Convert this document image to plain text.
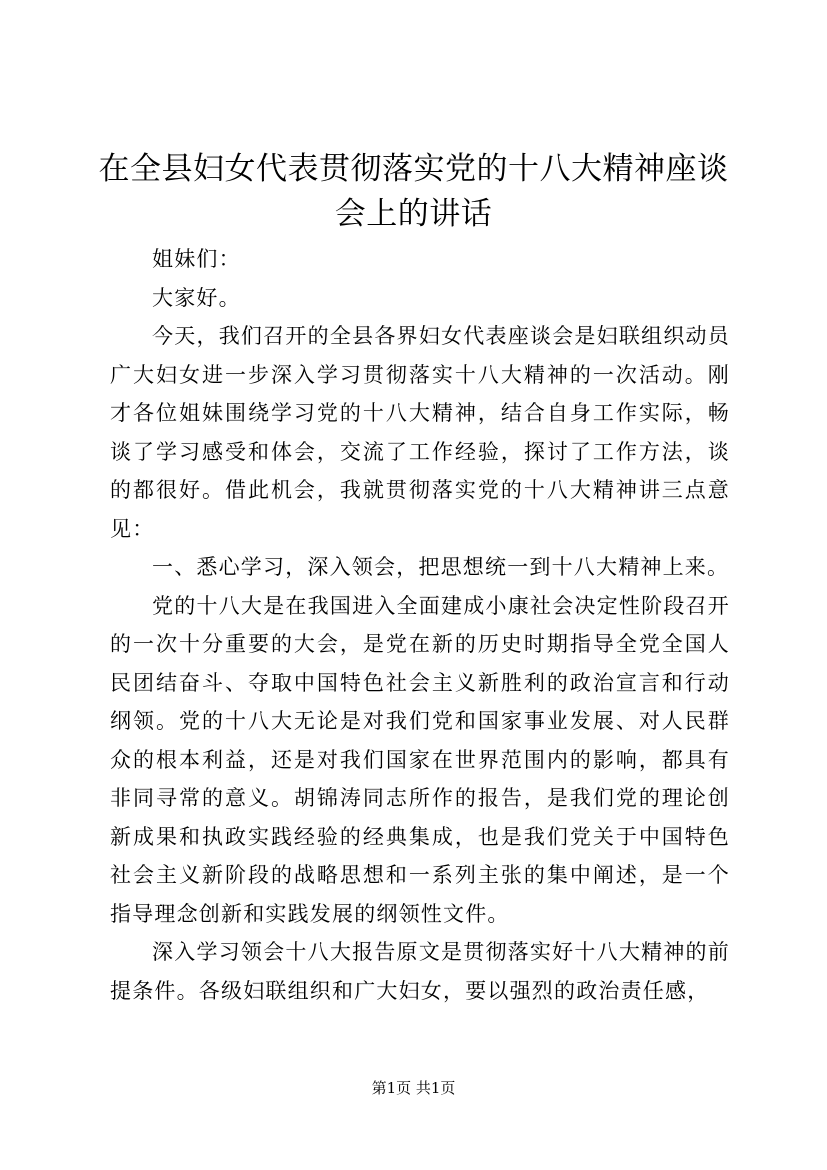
在全县妇女代表贯彻落实党的十八大精神座谈会上的讲话

姐妹们：

大家好。

今天，我们召开的全县各界妇女代表座谈会是妇联组织动员广大妇女进一步深入学习贯彻落实十八大精神的一次活动。刚才各位姐妹围绕学习党的十八大精神，结合自身工作实际，畅谈了学习感受和体会，交流了工作经验，探讨了工作方法，谈的都很好。借此机会，我就贯彻落实党的十八大精神讲三点意见：

一、悉心学习，深入领会，把思想统一到十八大精神上来。

党的十八大是在我国进入全面建成小康社会决定性阶段召开的一次十分重要的大会，是党在新的历史时期指导全党全国人民团结奋斗、夺取中国特色社会主义新胜利的政治宣言和行动纲领。党的十八大无论是对我们党和国家事业发展、对人民群众的根本利益，还是对我们国家在世界范围内的影响，都具有非同寻常的意义。胡锦涛同志所作的报告，是我们党的理论创新成果和执政实践经验的经典集成，也是我们党关于中国特色社会主义新阶段的战略思想和一系列主张的集中阐述，是一个指导理念创新和实践发展的纲领性文件。

深入学习领会十八大报告原文是贯彻落实好十八大精神的前提条件。各级妇联组织和广大妇女，要以强烈的政治责任感，

第1页 共1页
